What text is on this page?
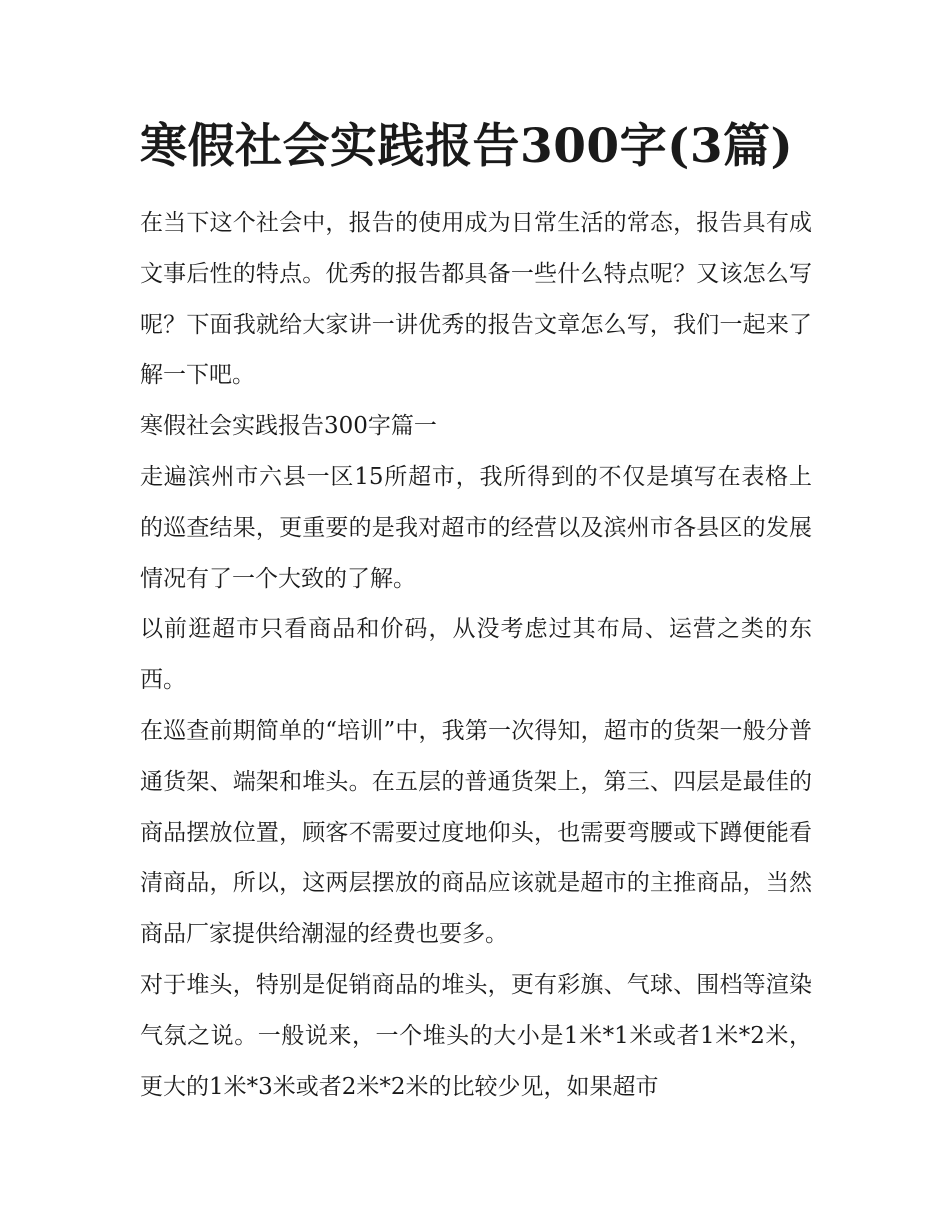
寒假社会实践报告300字(3篇)

在当下这个社会中，报告的使用成为日常生活的常态，报告具有成文事后性的特点。优秀的报告都具备一些什么特点呢？又该怎么写呢？下面我就给大家讲一讲优秀的报告文章怎么写，我们一起来了解一下吧。

寒假社会实践报告300字篇一

走遍滨州市六县一区15所超市，我所得到的不仅是填写在表格上的巡查结果，更重要的是我对超市的经营以及滨州市各县区的发展情况有了一个大致的了解。

以前逛超市只看商品和价码，从没考虑过其布局、运营之类的东西。

在巡查前期简单的“培训”中，我第一次得知，超市的货架一般分普通货架、端架和堆头。在五层的普通货架上，第三、四层是最佳的商品摆放位置，顾客不需要过度地仰头，也需要弯腰或下蹲便能看清商品，所以，这两层摆放的商品应该就是超市的主推商品，当然商品厂家提供给潮湿的经费也要多。

对于堆头，特别是促销商品的堆头，更有彩旗、气球、围档等渲染气氛之说。一般说来，一个堆头的大小是1米*1米或者1米*2米，更大的1米*3米或者2米*2米的比较少见，如果超市
